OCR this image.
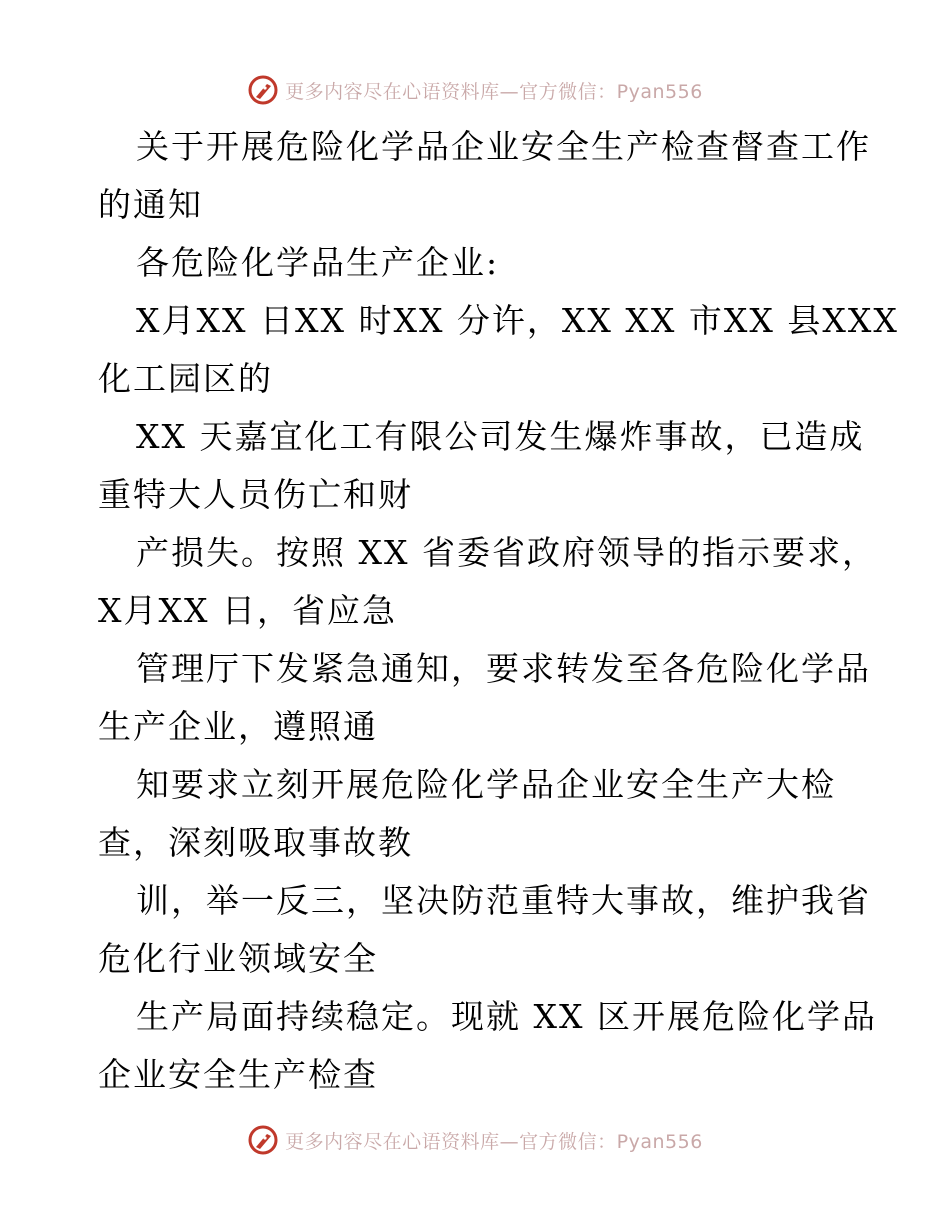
更多内容尽在心语资料库—官方微信：Pyan556
关于开展危险化学品企业安全生产检查督查工作
的通知
各危险化学品生产企业:
X月XX 日XX 时XX 分许，XX XX 市XX 县XXX
化工园区的
XX 天嘉宜化工有限公司发生爆炸事故，已造成
重特大人员伤亡和财
产损失。按照 XX 省委省政府领导的指示要求，
X月XX 日，省应急
管理厅下发紧急通知，要求转发至各危险化学品
生产企业，遵照通
知要求立刻开展危险化学品企业安全生产大检
查，深刻吸取事故教
训，举一反三，坚决防范重特大事故，维护我省
危化行业领域安全
生产局面持续稳定。现就 XX 区开展危险化学品
企业安全生产检查
更多内容尽在心语资料库—官方微信：Pyan556
